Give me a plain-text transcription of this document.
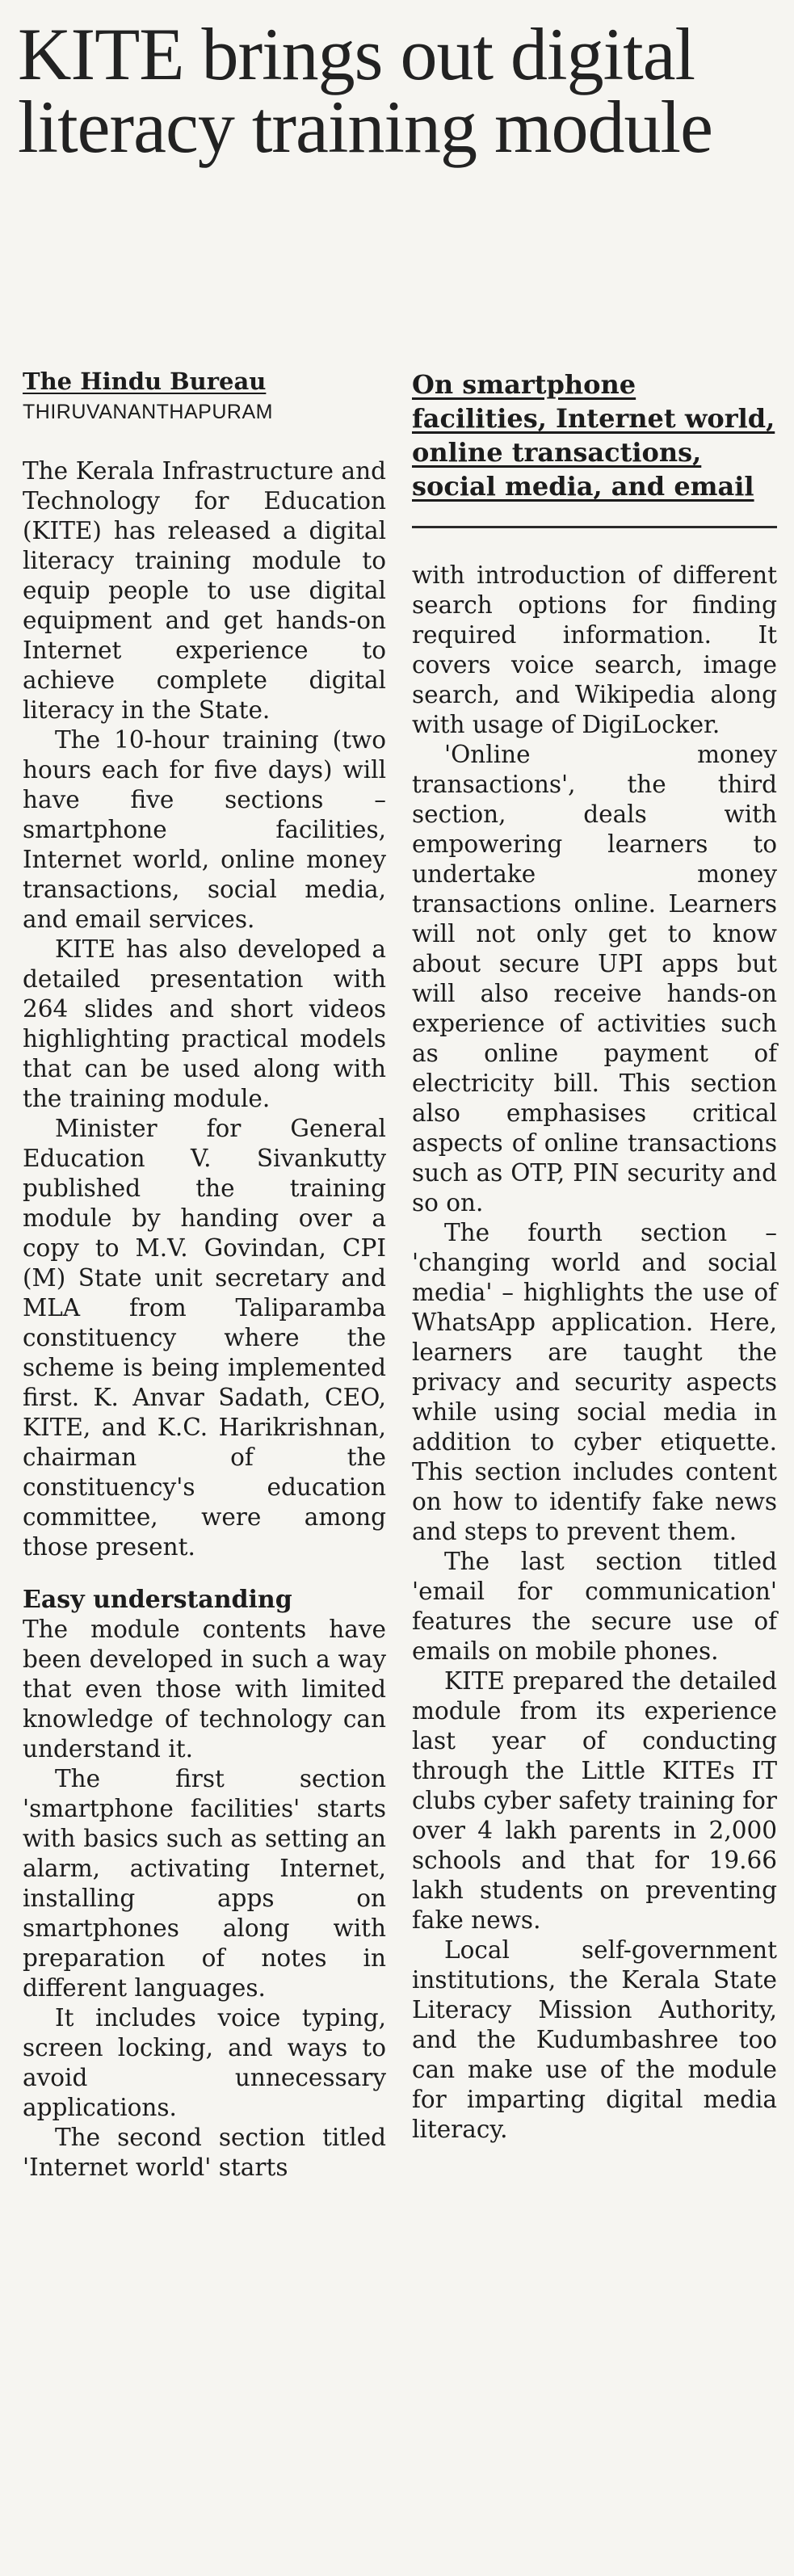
KITE brings out digital literacy training module

The Hindu Bureau

THIRUVANANTHAPURAM

The Kerala Infrastructure and Technology for Education (KITE) has released a digital literacy training module to equip people to use digital equipment and get hands-on Internet experience to achieve complete digital literacy in the State.

The 10-hour training (two hours each for five days) will have five sections – smartphone facilities, Internet world, online money transactions, social media, and email services.

KITE has also developed a detailed presentation with 264 slides and short videos highlighting practical models that can be used along with the training module.

Minister for General Education V. Sivankutty published the training module by handing over a copy to M.V. Govindan, CPI (M) State unit secretary and MLA from Taliparamba constituency where the scheme is being implemented first. K. Anvar Sadath, CEO, KITE, and K.C. Harikrishnan, chairman of the constituency's education committee, were among those present.

Easy understanding

The module contents have been developed in such a way that even those with limited knowledge of technology can understand it.

The first section 'smartphone facilities' starts with basics such as setting an alarm, activating Internet, installing apps on smartphones along with preparation of notes in different languages.

It includes voice typing, screen locking, and ways to avoid unnecessary applications.

The second section titled 'Internet world' starts

On smartphone facilities, Internet world, online transactions, social media, and email

with introduction of different search options for finding required information. It covers voice search, image search, and Wikipedia along with usage of DigiLocker.

'Online money transactions', the third section, deals with empowering learners to undertake money transactions online. Learners will not only get to know about secure UPI apps but will also receive hands-on experience of activities such as online payment of electricity bill. This section also emphasises critical aspects of online transactions such as OTP, PIN security and so on.

The fourth section – 'changing world and social media' – highlights the use of WhatsApp application. Here, learners are taught the privacy and security aspects while using social media in addition to cyber etiquette. This section includes content on how to identify fake news and steps to prevent them.

The last section titled 'email for communication' features the secure use of emails on mobile phones.

KITE prepared the detailed module from its experience last year of conducting through the Little KITEs IT clubs cyber safety training for over 4 lakh parents in 2,000 schools and that for 19.66 lakh students on preventing fake news.

Local self-government institutions, the Kerala State Literacy Mission Authority, and the Kudumbashree too can make use of the module for imparting digital media literacy.
